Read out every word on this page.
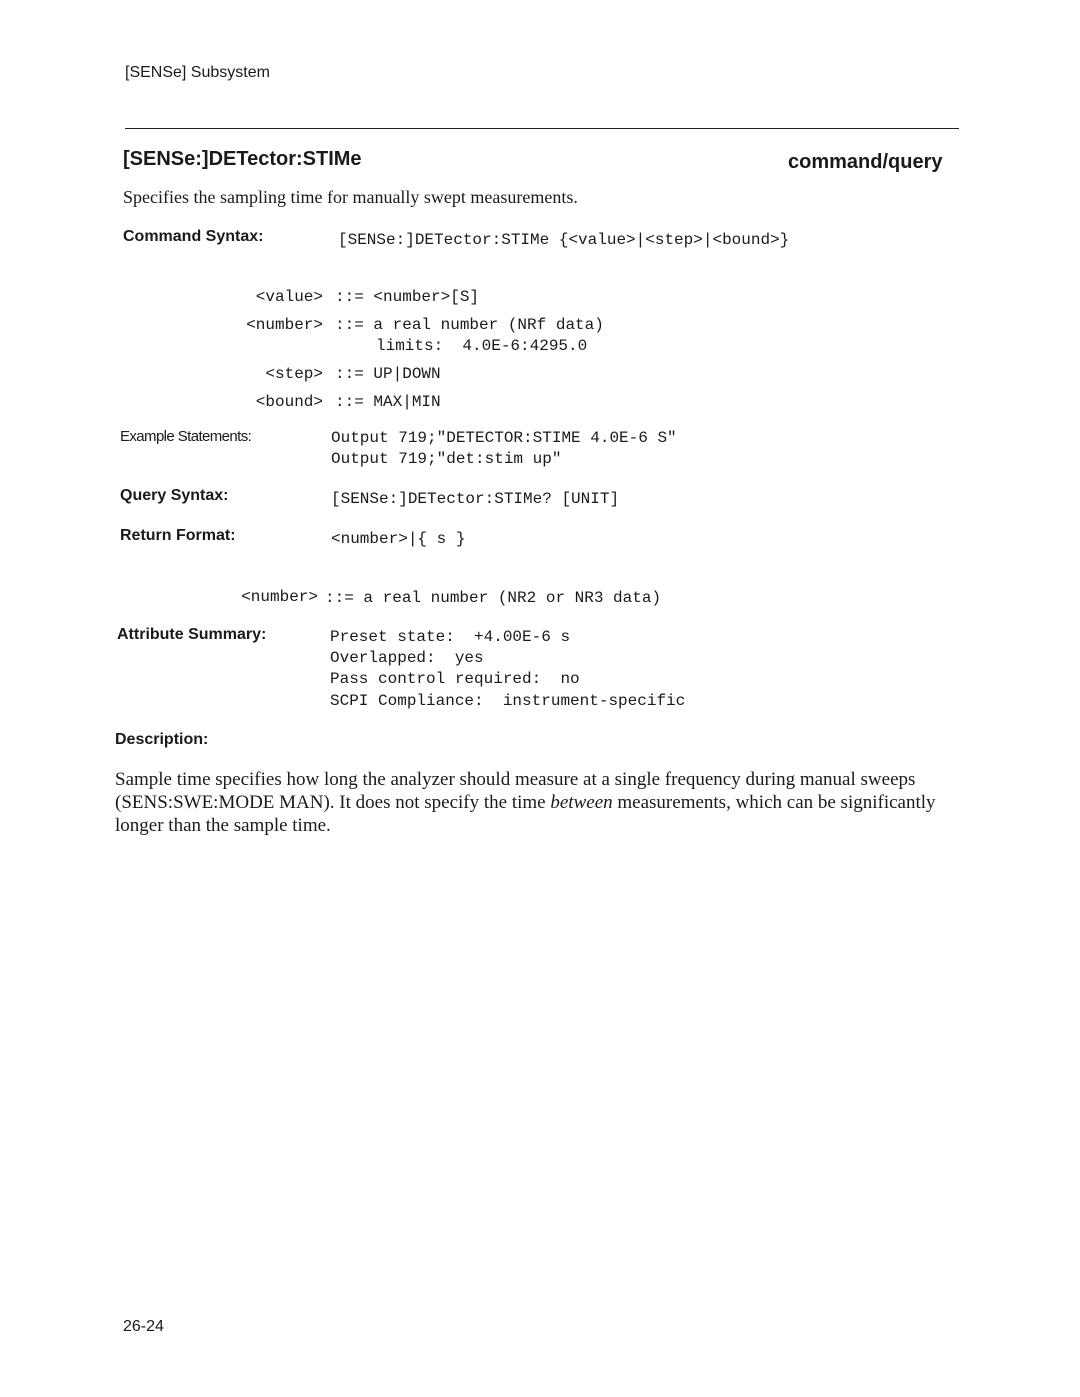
[SENSe] Subsystem
[SENSe:]DETector:STIMe	command/query
Specifies the sampling time for manually swept measurements.
Command Syntax:	[SENSe:]DETector:STIMe {<value>|<step>|<bound>}
<value> ::= <number>[S]
<number> ::= a real number (NRf data)
limits:  4.0E-6:4295.0
<step> ::= UP|DOWN
<bound> ::= MAX|MIN
Example Statements:	Output 719;"DETECTOR:STIME 4.0E-6 S"
Output 719;"det:stim up"
Query Syntax:	[SENSe:]DETector:STIMe? [UNIT]
Return Format:	<number>|{ s }
<number> ::= a real number (NR2 or NR3 data)
Attribute Summary:	Preset state:  +4.00E-6 s
Overlapped:  yes
Pass control required:  no
SCPI Compliance:  instrument-specific
Description:
Sample time specifies how long the analyzer should measure at a single frequency during manual sweeps (SENS:SWE:MODE MAN). It does not specify the time between measurements, which can be significantly longer than the sample time.
26-24
